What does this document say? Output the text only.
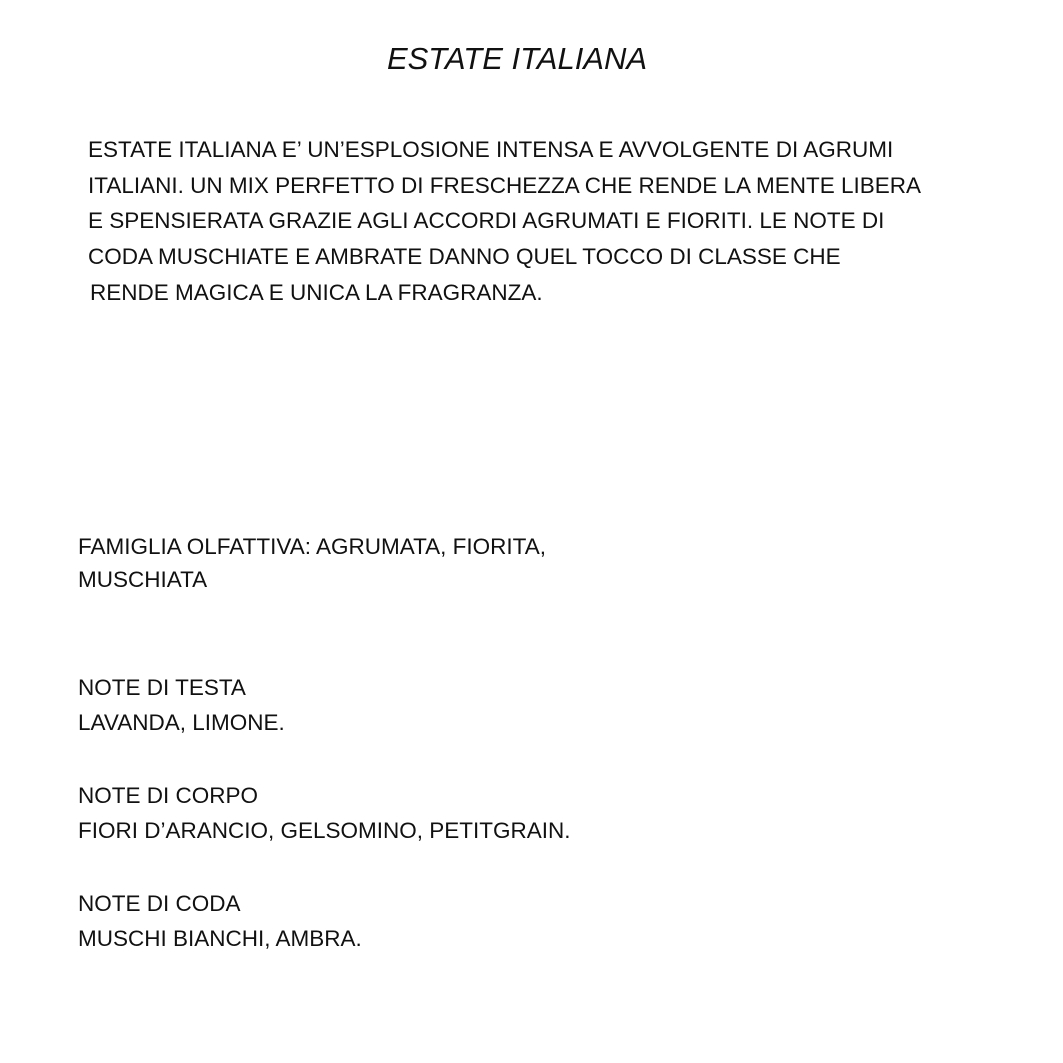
ESTATE ITALIANA
ESTATE ITALIANA E’ UN’ESPLOSIONE INTENSA E AVVOLGENTE DI AGRUMI
ITALIANI. UN MIX PERFETTO DI FRESCHEZZA CHE RENDE LA MENTE LIBERA
E SPENSIERATA GRAZIE AGLI ACCORDI AGRUMATI E FIORITI. LE NOTE DI
CODA MUSCHIATE E AMBRATE DANNO QUEL TOCCO DI CLASSE CHE
RENDE MAGICA E UNICA LA FRAGRANZA.
FAMIGLIA OLFATTIVA: AGRUMATA, FIORITA,
MUSCHIATA
NOTE DI TESTA
LAVANDA, LIMONE.
NOTE DI CORPO
FIORI D’ARANCIO, GELSOMINO, PETITGRAIN.
NOTE DI CODA
MUSCHI BIANCHI, AMBRA.
